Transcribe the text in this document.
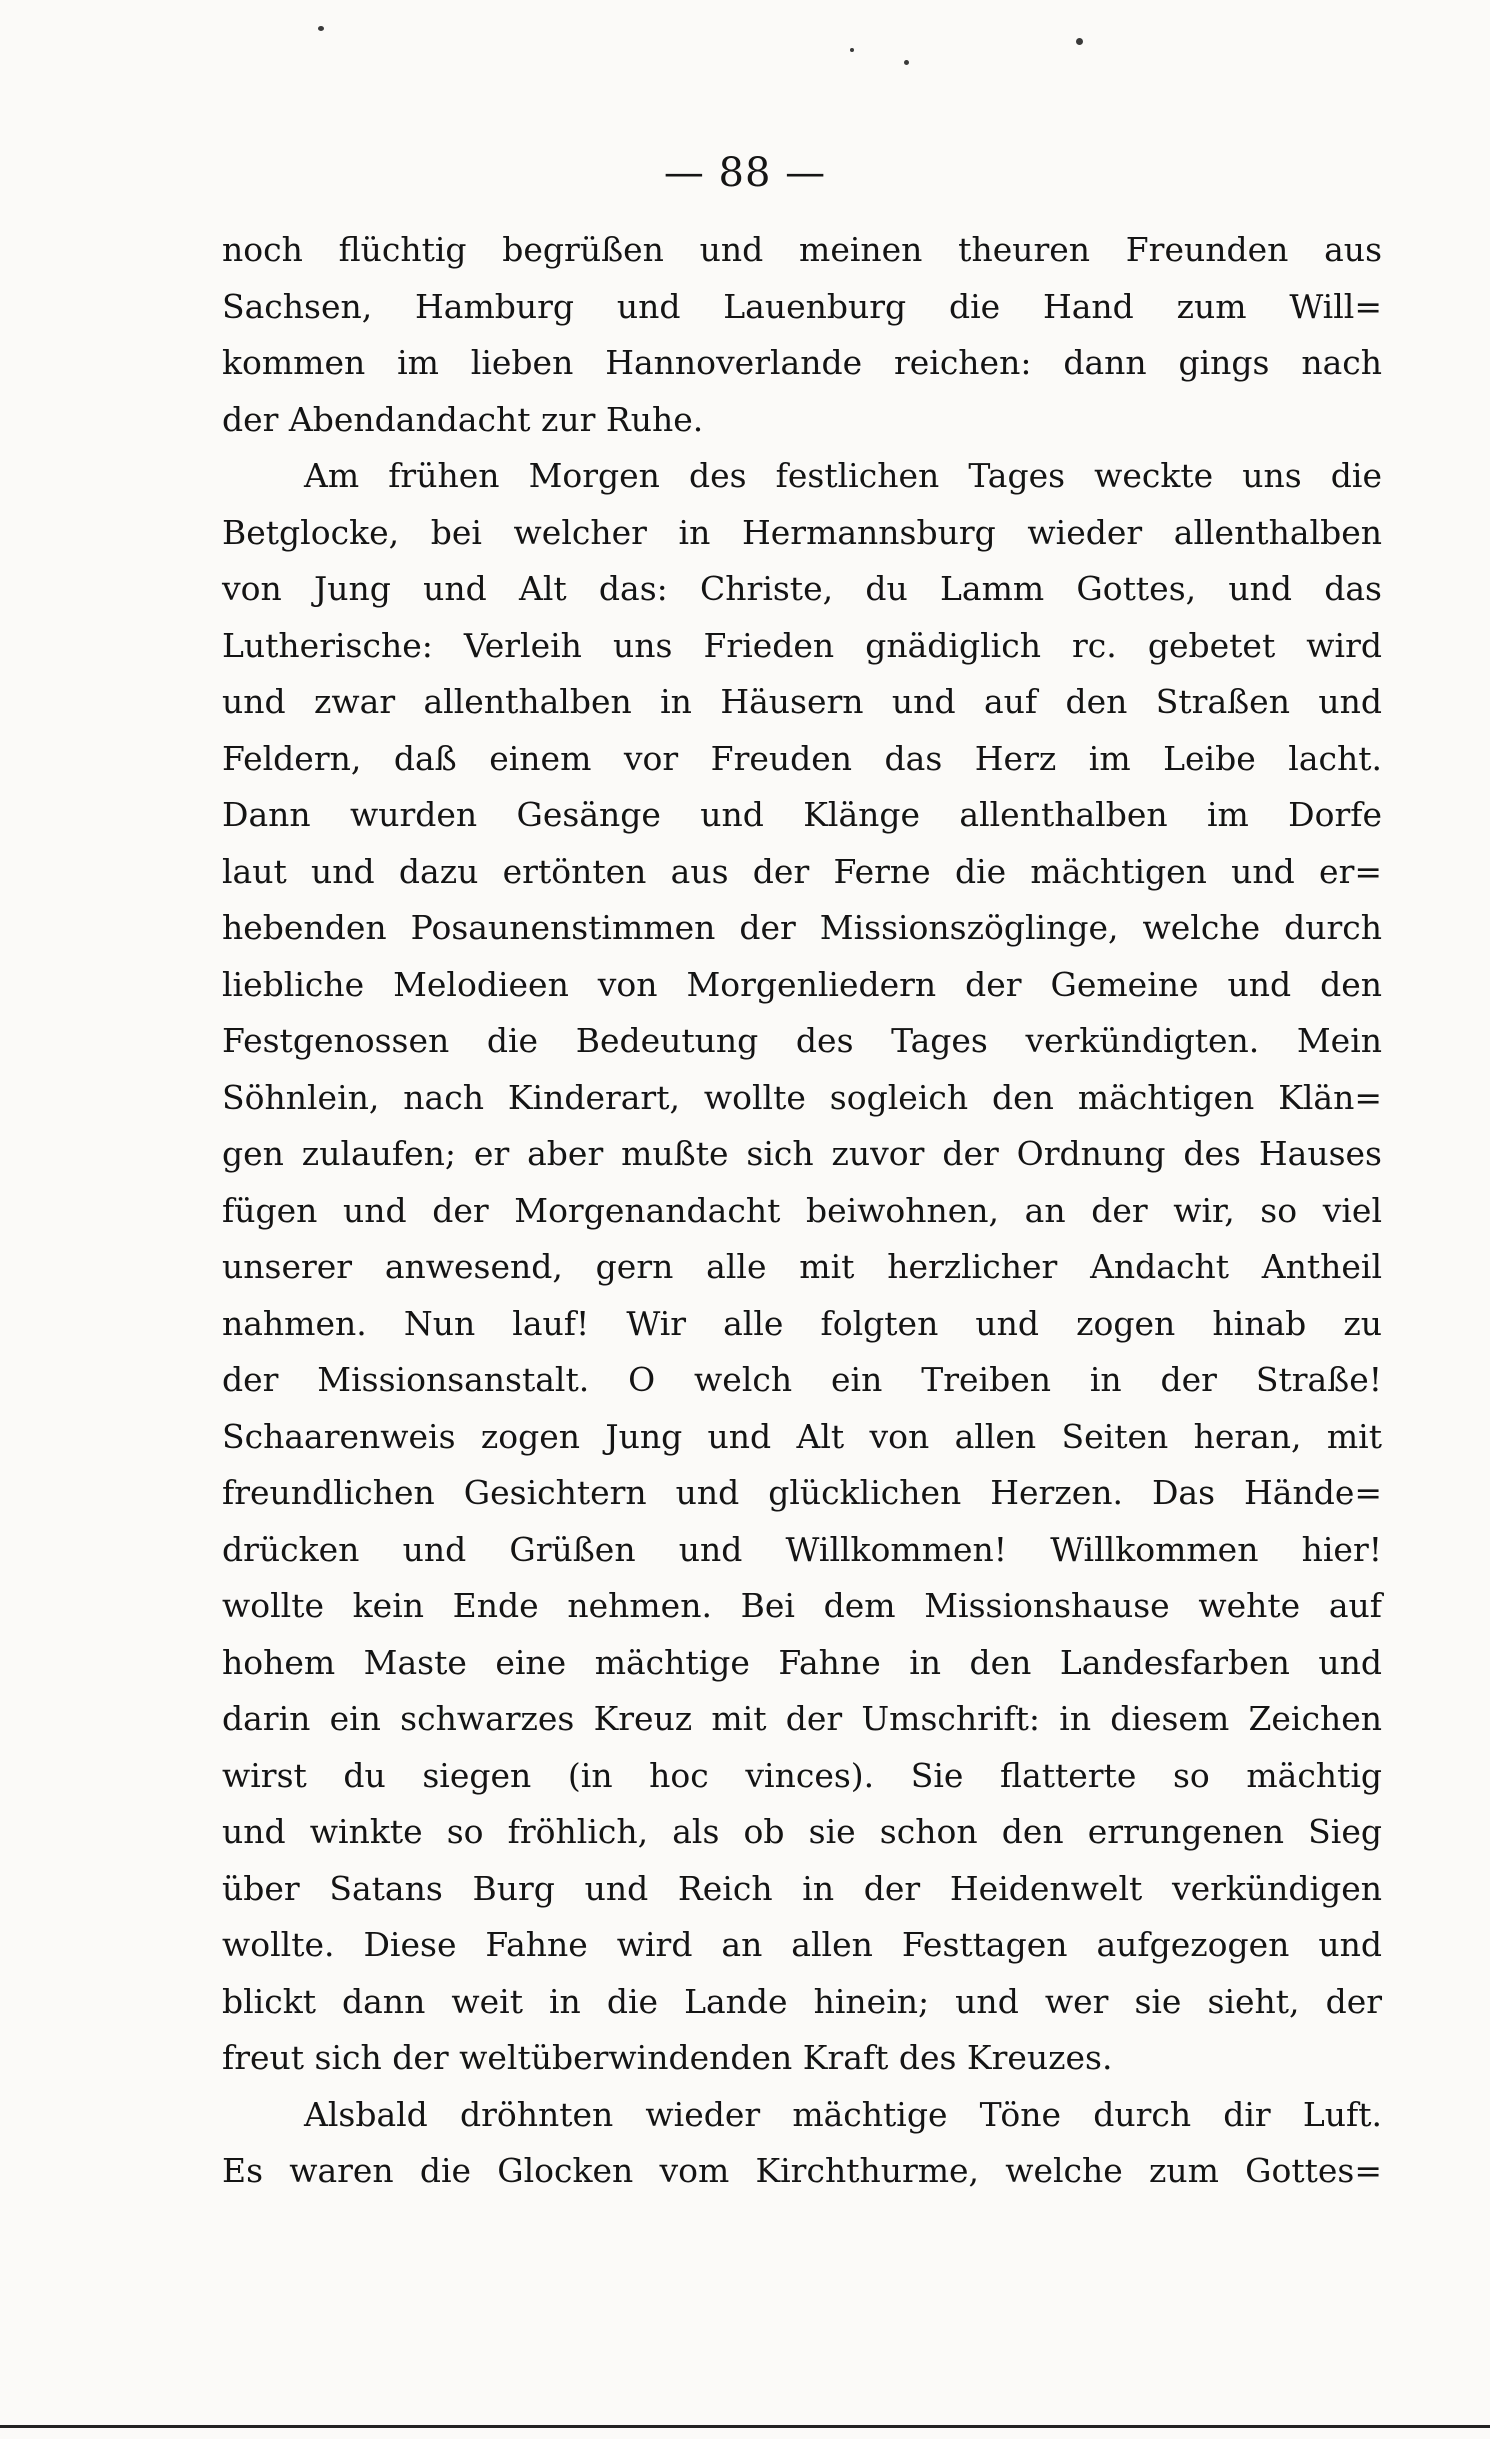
— 88 —
noch flüchtig begrüßen und meinen theuren Freunden aus
Sachsen, Hamburg und Lauenburg die Hand zum Will=
kommen im lieben Hannoverlande reichen: dann gings nach
der Abendandacht zur Ruhe.
Am frühen Morgen des festlichen Tages weckte uns die
Betglocke, bei welcher in Hermannsburg wieder allenthalben
von Jung und Alt das: Christe, du Lamm Gottes, und das
Lutherische: Verleih uns Frieden gnädiglich rc. gebetet wird
und zwar allenthalben in Häusern und auf den Straßen und
Feldern, daß einem vor Freuden das Herz im Leibe lacht.
Dann wurden Gesänge und Klänge allenthalben im Dorfe
laut und dazu ertönten aus der Ferne die mächtigen und er=
hebenden Posaunenstimmen der Missionszöglinge, welche durch
liebliche Melodieen von Morgenliedern der Gemeine und den
Festgenossen die Bedeutung des Tages verkündigten. Mein
Söhnlein, nach Kinderart, wollte sogleich den mächtigen Klän=
gen zulaufen; er aber mußte sich zuvor der Ordnung des Hauses
fügen und der Morgenandacht beiwohnen, an der wir, so viel
unserer anwesend, gern alle mit herzlicher Andacht Antheil
nahmen. Nun lauf! Wir alle folgten und zogen hinab zu
der Missionsanstalt. O welch ein Treiben in der Straße!
Schaarenweis zogen Jung und Alt von allen Seiten heran, mit
freundlichen Gesichtern und glücklichen Herzen. Das Hände=
drücken und Grüßen und Willkommen! Willkommen hier!
wollte kein Ende nehmen. Bei dem Missionshause wehte auf
hohem Maste eine mächtige Fahne in den Landesfarben und
darin ein schwarzes Kreuz mit der Umschrift: in diesem Zeichen
wirst du siegen (in hoc vinces). Sie flatterte so mächtig
und winkte so fröhlich, als ob sie schon den errungenen Sieg
über Satans Burg und Reich in der Heidenwelt verkündigen
wollte. Diese Fahne wird an allen Festtagen aufgezogen und
blickt dann weit in die Lande hinein; und wer sie sieht, der
freut sich der weltüberwindenden Kraft des Kreuzes.
Alsbald dröhnten wieder mächtige Töne durch dir Luft.
Es waren die Glocken vom Kirchthurme, welche zum Gottes=
